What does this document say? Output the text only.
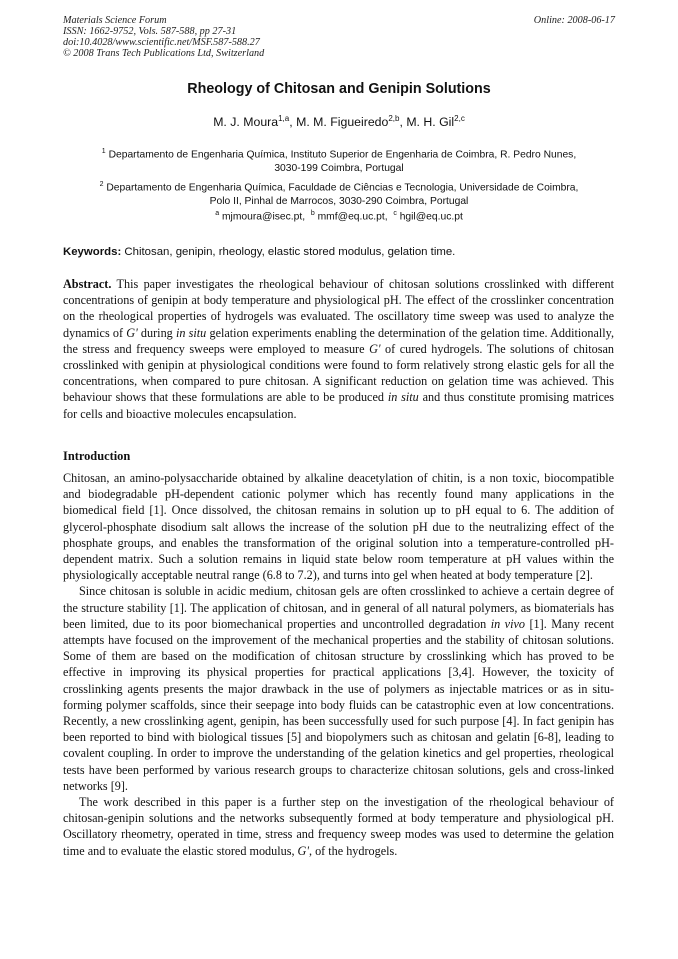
Materials Science Forum
ISSN: 1662-9752, Vols. 587-588, pp 27-31
doi:10.4028/www.scientific.net/MSF.587-588.27
© 2008 Trans Tech Publications Ltd, Switzerland
Online: 2008-06-17
Rheology of Chitosan and Genipin Solutions
M. J. Moura$^{1,a}$, M. M. Figueiredo$^{2,b}$, M. H. Gil$^{2,c}$
$^1$ Departamento de Engenharia Química, Instituto Superior de Engenharia de Coimbra, R. Pedro Nunes,
3030-199 Coimbra, Portugal
$^2$ Departamento de Engenharia Química, Faculdade de Ciências e Tecnologia, Universidade de Coimbra,
Polo II, Pinhal de Marrocos, 3030-290 Coimbra, Portugal
$^a$ mjmoura@isec.pt,  $^b$ mmf@eq.uc.pt,  $^c$ hgil@eq.uc.pt
Keywords: Chitosan, genipin, rheology, elastic stored modulus, gelation time.

Abstract. This paper investigates the rheological behaviour of chitosan solutions crosslinked with different concentrations of genipin at body temperature and physiological pH. The effect of the crosslinker concentration on the rheological properties of hydrogels was evaluated. The oscillatory time sweep was used to analyze the dynamics of G' during in situ gelation experiments enabling the determination of the gelation time. Additionally, the stress and frequency sweeps were employed to measure G' of cured hydrogels. The solutions of chitosan crosslinked with genipin at physiological conditions were found to form relatively strong elastic gels for all the concentrations, when compared to pure chitosan. A significant reduction on gelation time was achieved. This behaviour shows that these formulations are able to be produced in situ and thus constitute promising matrices for cells and bioactive molecules encapsulation.

Introduction

Chitosan, an amino-polysaccharide obtained by alkaline deacetylation of chitin, is a non toxic, biocompatible and biodegradable pH-dependent cationic polymer which has recently found many applications in the biomedical field [1]. Once dissolved, the chitosan remains in solution up to pH equal to 6. The addition of glycerol-phosphate disodium salt allows the increase of the solution pH due to the neutralizing effect of the phosphate groups, and enables the transformation of the original solution into a temperature-controlled pH-dependent matrix. Such a solution remains in liquid state below room temperature at pH values within the physiologically acceptable neutral range (6.8 to 7.2), and turns into gel when heated at body temperature [2].

Since chitosan is soluble in acidic medium, chitosan gels are often crosslinked to achieve a certain degree of the structure stability [1]. The application of chitosan, and in general of all natural polymers, as biomaterials has been limited, due to its poor biomechanical properties and uncontrolled degradation in vivo [1]. Many recent attempts have focused on the improvement of the mechanical properties and the stability of chitosan solutions. Some of them are based on the modification of chitosan structure by crosslinking which has proved to be effective in improving its physical properties for practical applications [3,4]. However, the toxicity of crosslinking agents presents the major drawback in the use of polymers as injectable matrices or as in situ-forming polymer scaffolds, since their seepage into body fluids can be catastrophic even at low concentrations. Recently, a new crosslinking agent, genipin, has been successfully used for such purpose [4]. In fact genipin has been reported to bind with biological tissues [5] and biopolymers such as chitosan and gelatin [6-8], leading to covalent coupling. In order to improve the understanding of the gelation kinetics and gel properties, rheological tests have been performed by various research groups to characterize chitosan solutions, gels and cross-linked networks [9].

The work described in this paper is a further step on the investigation of the rheological behaviour of chitosan-genipin solutions and the networks subsequently formed at body temperature and physiological pH. Oscillatory rheometry, operated in time, stress and frequency sweep modes was used to determine the gelation time and to evaluate the elastic stored modulus, G', of the hydrogels.
